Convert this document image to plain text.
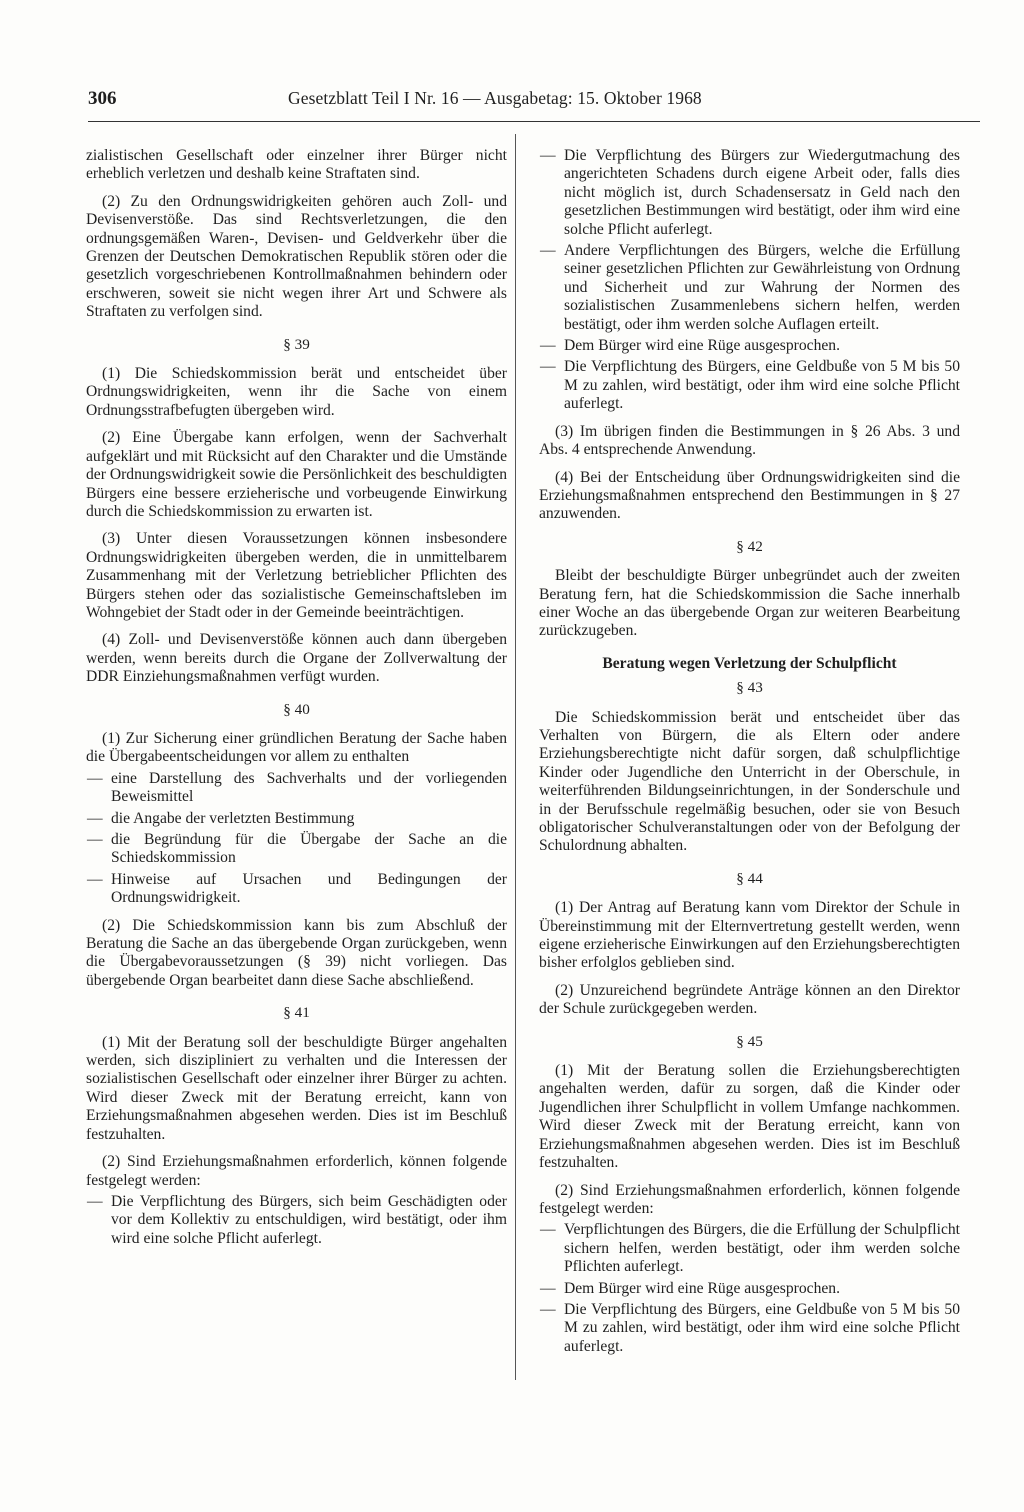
306	Gesetzblatt Teil I Nr. 16 — Ausgabetag: 15. Oktober 1968

zialistischen Gesellschaft oder einzelner ihrer Bürger nicht erheblich verletzen und deshalb keine Straftaten sind.

(2) Zu den Ordnungswidrigkeiten gehören auch Zoll- und Devisenverstöße. Das sind Rechtsverletzungen, die den ordnungsgemäßen Waren-, Devisen- und Geldverkehr über die Grenzen der Deutschen Demokratischen Republik stören oder die gesetzlich vorgeschriebenen Kontrollmaßnahmen behindern oder erschweren, soweit sie nicht wegen ihrer Art und Schwere als Straftaten zu verfolgen sind.

§ 39

(1) Die Schiedskommission berät und entscheidet über Ordnungswidrigkeiten, wenn ihr die Sache von einem Ordnungsstrafbefugten übergeben wird.

(2) Eine Übergabe kann erfolgen, wenn der Sachverhalt aufgeklärt und mit Rücksicht auf den Charakter und die Umstände der Ordnungswidrigkeit sowie die Persönlichkeit des beschuldigten Bürgers eine bessere erzieherische und vorbeugende Einwirkung durch die Schiedskommission zu erwarten ist.

(3) Unter diesen Voraussetzungen können insbesondere Ordnungswidrigkeiten übergeben werden, die in unmittelbarem Zusammenhang mit der Verletzung betrieblicher Pflichten des Bürgers stehen oder das sozialistische Gemeinschaftsleben im Wohngebiet der Stadt oder in der Gemeinde beeinträchtigen.

(4) Zoll- und Devisenverstöße können auch dann übergeben werden, wenn bereits durch die Organe der Zollverwaltung der DDR Einziehungsmaßnahmen verfügt wurden.

§ 40

(1) Zur Sicherung einer gründlichen Beratung der Sache haben die Übergabeentscheidungen vor allem zu enthalten

— eine Darstellung des Sachverhalts und der vorliegenden Beweismittel
— die Angabe der verletzten Bestimmung
— die Begründung für die Übergabe der Sache an die Schiedskommission
— Hinweise auf Ursachen und Bedingungen der Ordnungswidrigkeit.

(2) Die Schiedskommission kann bis zum Abschluß der Beratung die Sache an das übergebende Organ zurückgeben, wenn die Übergabevoraussetzungen (§ 39) nicht vorliegen. Das übergebende Organ bearbeitet dann diese Sache abschließend.

§ 41

(1) Mit der Beratung soll der beschuldigte Bürger angehalten werden, sich diszipliniert zu verhalten und die Interessen der sozialistischen Gesellschaft oder einzelner ihrer Bürger zu achten. Wird dieser Zweck mit der Beratung erreicht, kann von Erziehungsmaßnahmen abgesehen werden. Dies ist im Beschluß festzuhalten.

(2) Sind Erziehungsmaßnahmen erforderlich, können folgende festgelegt werden:

— Die Verpflichtung des Bürgers, sich beim Geschädigten oder vor dem Kollektiv zu entschuldigen, wird bestätigt, oder ihm wird eine solche Pflicht auferlegt.
— Die Verpflichtung des Bürgers zur Wiedergutmachung des angerichteten Schadens durch eigene Arbeit oder, falls dies nicht möglich ist, durch Schadensersatz in Geld nach den gesetzlichen Bestimmungen wird bestätigt, oder ihm wird eine solche Pflicht auferlegt.
— Andere Verpflichtungen des Bürgers, welche die Erfüllung seiner gesetzlichen Pflichten zur Gewährleistung von Ordnung und Sicherheit und zur Wahrung der Normen des sozialistischen Zusammenlebens sichern helfen, werden bestätigt, oder ihm werden solche Auflagen erteilt.
— Dem Bürger wird eine Rüge ausgesprochen.
— Die Verpflichtung des Bürgers, eine Geldbuße von 5 M bis 50 M zu zahlen, wird bestätigt, oder ihm wird eine solche Pflicht auferlegt.

(3) Im übrigen finden die Bestimmungen in § 26 Abs. 3 und Abs. 4 entsprechende Anwendung.

(4) Bei der Entscheidung über Ordnungswidrigkeiten sind die Erziehungsmaßnahmen entsprechend den Bestimmungen in § 27 anzuwenden.

§ 42

Bleibt der beschuldigte Bürger unbegründet auch der zweiten Beratung fern, hat die Schiedskommission die Sache innerhalb einer Woche an das übergebende Organ zur weiteren Bearbeitung zurückzugeben.

Beratung wegen Verletzung der Schulpflicht
§ 43

Die Schiedskommission berät und entscheidet über das Verhalten von Bürgern, die als Eltern oder andere Erziehungsberechtigte nicht dafür sorgen, daß schulpflichtige Kinder oder Jugendliche den Unterricht in der Oberschule, in weiterführenden Bildungseinrichtungen, in der Sonderschule und in der Berufsschule regelmäßig besuchen, oder sie von Besuch obligatorischer Schulveranstaltungen oder von der Befolgung der Schulordnung abhalten.

§ 44

(1) Der Antrag auf Beratung kann vom Direktor der Schule in Übereinstimmung mit der Elternvertretung gestellt werden, wenn eigene erzieherische Einwirkungen auf den Erziehungsberechtigten bisher erfolglos geblieben sind.

(2) Unzureichend begründete Anträge können an den Direktor der Schule zurückgegeben werden.

§ 45

(1) Mit der Beratung sollen die Erziehungsberechtigten angehalten werden, dafür zu sorgen, daß die Kinder oder Jugendlichen ihrer Schulpflicht in vollem Umfange nachkommen. Wird dieser Zweck mit der Beratung erreicht, kann von Erziehungsmaßnahmen abgesehen werden. Dies ist im Beschluß festzuhalten.

(2) Sind Erziehungsmaßnahmen erforderlich, können folgende festgelegt werden:

— Verpflichtungen des Bürgers, die die Erfüllung der Schulpflicht sichern helfen, werden bestätigt, oder ihm werden solche Pflichten auferlegt.
— Dem Bürger wird eine Rüge ausgesprochen.
— Die Verpflichtung des Bürgers, eine Geldbuße von 5 M bis 50 M zu zahlen, wird bestätigt, oder ihm wird eine solche Pflicht auferlegt.
